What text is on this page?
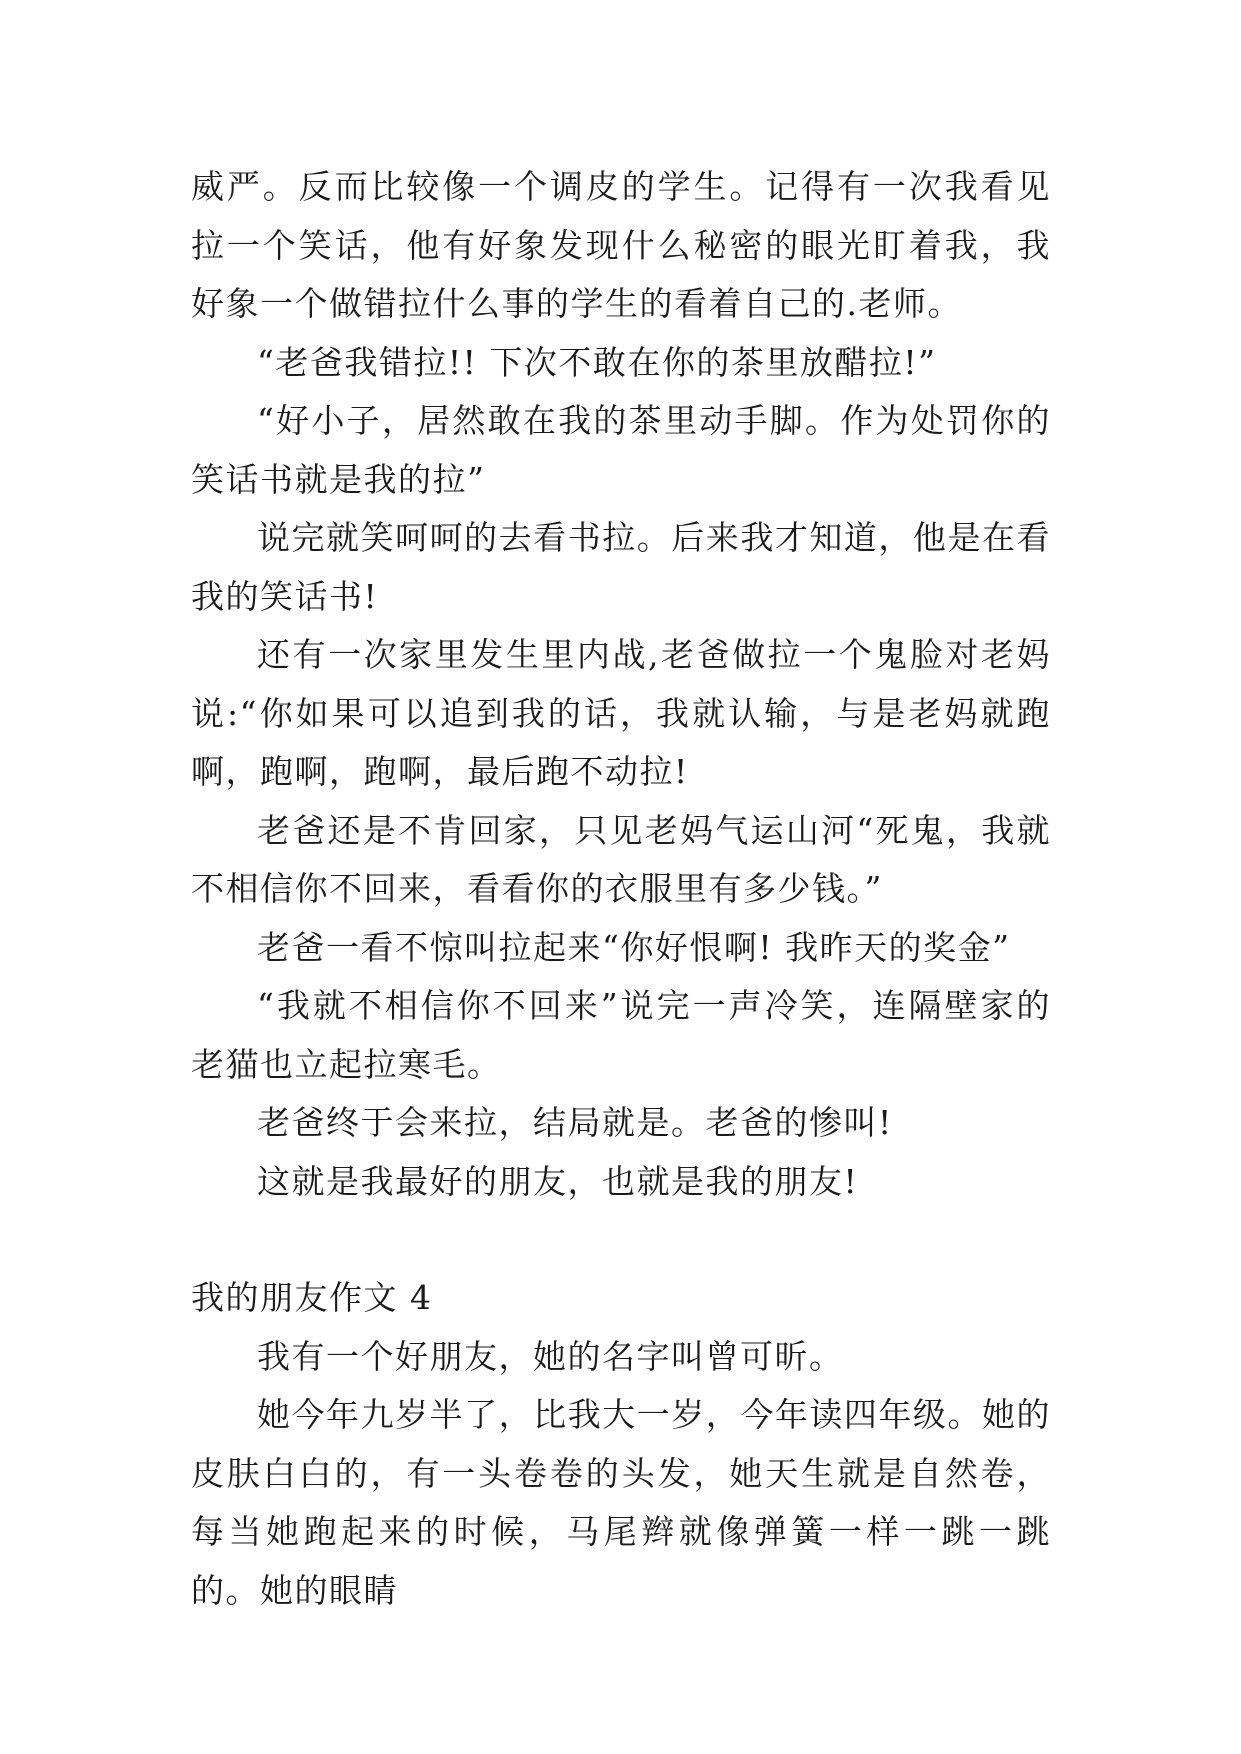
威严。反而比较像一个调皮的学生。记得有一次我看见拉一个笑话，他有好象发现什么秘密的眼光盯着我，我好象一个做错拉什么事的学生的看着自己的.老师。

“老爸我错拉!! 下次不敢在你的茶里放醋拉!”

“好小子，居然敢在我的茶里动手脚。作为处罚你的笑话书就是我的拉”

说完就笑呵呵的去看书拉。后来我才知道，他是在看我的笑话书!

还有一次家里发生里内战,老爸做拉一个鬼脸对老妈说:“你如果可以追到我的话，我就认输，与是老妈就跑啊，跑啊，跑啊，最后跑不动拉!

老爸还是不肯回家，只见老妈气运山河“死鬼，我就不相信你不回来，看看你的衣服里有多少钱。”

老爸一看不惊叫拉起来“你好恨啊! 我昨天的奖金”

“我就不相信你不回来”说完一声冷笑，连隔壁家的老猫也立起拉寒毛。

老爸终于会来拉，结局就是。老爸的惨叫!

这就是我最好的朋友，也就是我的朋友!

我的朋友作文 4

我有一个好朋友，她的名字叫曾可昕。

她今年九岁半了，比我大一岁，今年读四年级。她的皮肤白白的，有一头卷卷的头发，她天生就是自然卷，每当她跑起来的时候，马尾辫就像弹簧一样一跳一跳的。她的眼睛
